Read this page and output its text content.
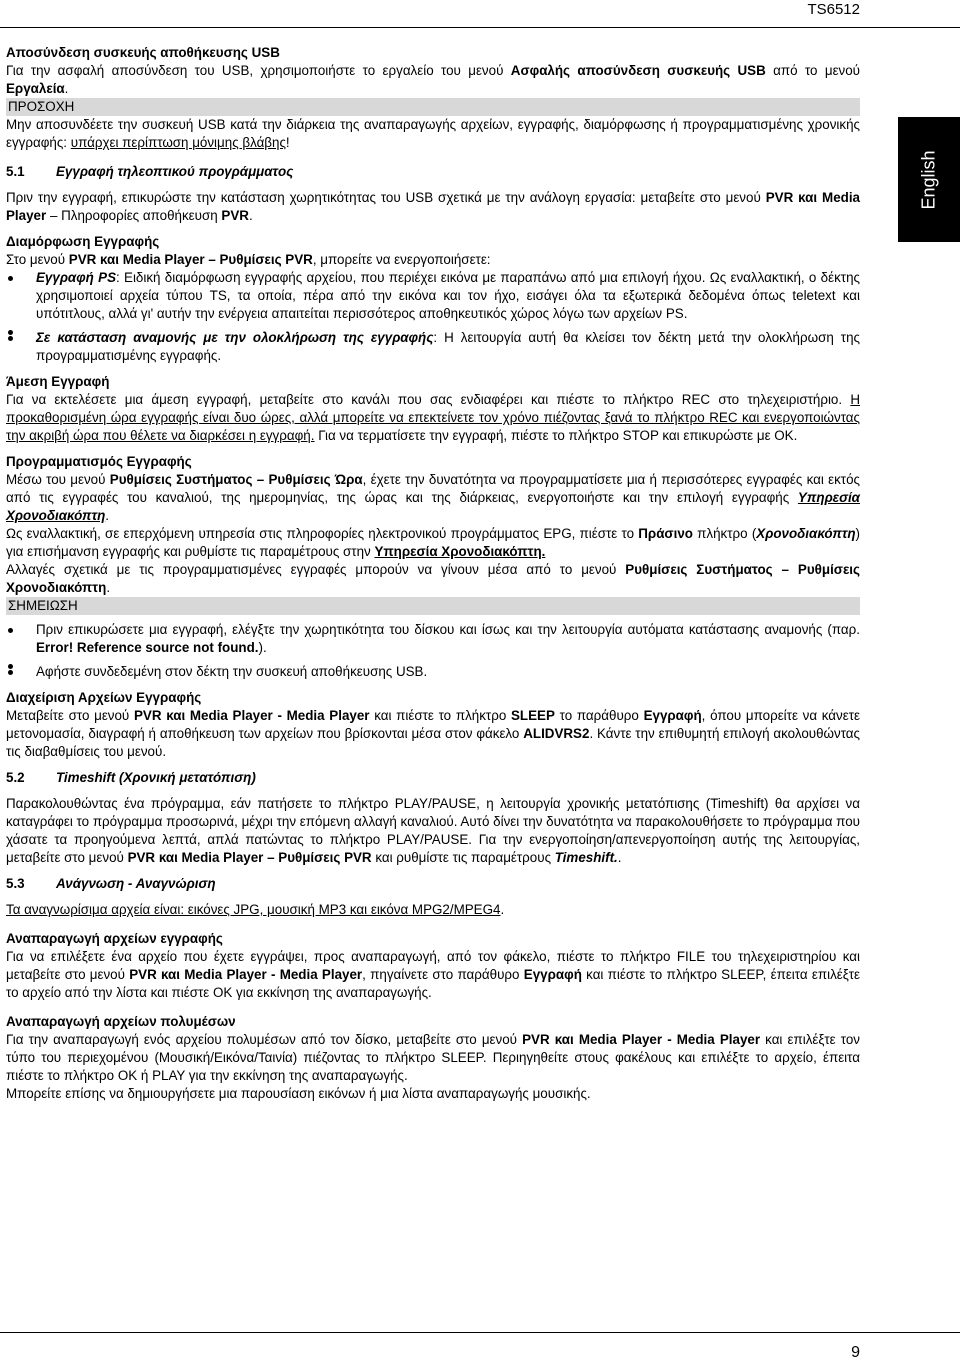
TS6512
English

Αποσύνδεση συσκευής αποθήκευσης USB

Για την ασφαλή αποσύνδεση του USB, χρησιμοποιήστε το εργαλείο του μενού Ασφαλής αποσύνδεση συσκευής USB από το μενού Εργαλεία.

ΠΡΟΣΟΧΗ

Μην αποσυνδέετε την συσκευή USB κατά την διάρκεια της αναπαραγωγής αρχείων, εγγραφής, διαμόρφωσης ή προγραμματισμένης χρονικής εγγραφής: υπάρχει περίπτωση μόνιμης βλάβης!

5.1 Εγγραφή τηλεοπτικού προγράμματος

Πριν την εγγραφή, επικυρώστε την κατάσταση χωρητικότητας του USB σχετικά με την ανάλογη εργασία: μεταβείτε στο μενού PVR και Media Player – Πληροφορίες αποθήκευση PVR.

Διαμόρφωση Εγγραφής

Στο μενού PVR και Media Player – Ρυθμίσεις PVR, μπορείτε να ενεργοποιήσετε:

Εγγραφή PS: Ειδική διαμόρφωση εγγραφής αρχείου, που περιέχει εικόνα με παραπάνω από μια επιλογή ήχου. Ως εναλλακτική, ο δέκτης χρησιμοποιεί αρχεία τύπου TS, τα οποία, πέρα από την εικόνα και τον ήχο, εισάγει όλα τα εξωτερικά δεδομένα όπως teletext και υπότιτλους, αλλά γι' αυτήν την ενέργεια απαιτείται περισσότερος αποθηκευτικός χώρος λόγω των αρχείων PS.
Σε κατάσταση αναμονής με την ολοκλήρωση της εγγραφής: Η λειτουργία αυτή θα κλείσει τον δέκτη μετά την ολοκλήρωση της προγραμματισμένης εγγραφής.

Άμεση Εγγραφή

Για να εκτελέσετε μια άμεση εγγραφή, μεταβείτε στο κανάλι που σας ενδιαφέρει και πιέστε το πλήκτρο REC στο τηλεχειριστήριο. Η προκαθορισμένη ώρα εγγραφής είναι δυο ώρες, αλλά μπορείτε να επεκτείνετε τον χρόνο πιέζοντας ξανά το πλήκτρο REC και ενεργοποιώντας την ακριβή ώρα που θέλετε να διαρκέσει η εγγραφή. Για να τερματίσετε την εγγραφή, πιέστε το πλήκτρο STOP και επικυρώστε με OK.

Προγραμματισμός Εγγραφής

Μέσω του μενού Ρυθμίσεις Συστήματος – Ρυθμίσεις Ώρα, έχετε την δυνατότητα να προγραμματίσετε μια ή περισσότερες εγγραφές και εκτός από τις εγγραφές του καναλιού, της ημερομηνίας, της ώρας και της διάρκειας, ενεργοποιήστε και την επιλογή εγγραφής Υπηρεσία Χρονοδιακόπτη.

Ως εναλλακτική, σε επερχόμενη υπηρεσία στις πληροφορίες ηλεκτρονικού προγράμματος EPG, πιέστε το Πράσινο πλήκτρο (Χρονοδιακόπτη) για επισήμανση εγγραφής και ρυθμίστε τις παραμέτρους στην Υπηρεσία Χρονοδιακόπτη.

Αλλαγές σχετικά με τις προγραμματισμένες εγγραφές μπορούν να γίνουν μέσα από το μενού Ρυθμίσεις Συστήματος – Ρυθμίσεις Χρονοδιακόπτη.

ΣΗΜΕΙΩΣΗ

Πριν επικυρώσετε μια εγγραφή, ελέγξτε την χωρητικότητα του δίσκου και ίσως και την λειτουργία αυτόματα κατάστασης αναμονής (παρ. Error! Reference source not found.).
Αφήστε συνδεδεμένη στον δέκτη την συσκευή αποθήκευσης USB.

Διαχείριση Αρχείων Εγγραφής

Μεταβείτε στο μενού PVR και Media Player - Media Player και πιέστε το πλήκτρο SLEEP το παράθυρο Εγγραφή, όπου μπορείτε να κάνετε μετονομασία, διαγραφή ή αποθήκευση των αρχείων που βρίσκονται μέσα στον φάκελο ALIDVRS2. Κάντε την επιθυμητή επιλογή ακολουθώντας τις διαβαθμίσεις του μενού.

5.2 Timeshift (Χρονική μετατόπιση)

Παρακολουθώντας ένα πρόγραμμα, εάν πατήσετε το πλήκτρο PLAY/PAUSE, η λειτουργία χρονικής μετατόπισης (Timeshift) θα αρχίσει να καταγράφει το πρόγραμμα προσωρινά, μέχρι την επόμενη αλλαγή καναλιού. Αυτό δίνει την δυνατότητα να παρακολουθήσετε το πρόγραμμα που χάσατε τα προηγούμενα λεπτά, απλά πατώντας το πλήκτρο PLAY/PAUSE. Για την ενεργοποίηση/απενεργοποίηση αυτής της λειτουργίας, μεταβείτε στο μενού PVR και Media Player – Ρυθμίσεις PVR και ρυθμίστε τις παραμέτρους Timeshift..

5.3 Ανάγνωση - Αναγνώριση

Τα αναγνωρίσιμα αρχεία είναι: εικόνες JPG, μουσική MP3 και εικόνα MPG2/MPEG4.

Αναπαραγωγή αρχείων εγγραφής

Για να επιλέξετε ένα αρχείο που έχετε εγγράψει, προς αναπαραγωγή, από τον φάκελο, πιέστε το πλήκτρο FILE του τηλεχειριστηρίου και μεταβείτε στο μενού PVR και Media Player - Media Player, πηγαίνετε στο παράθυρο Εγγραφή και πιέστε το πλήκτρο SLEEP, έπειτα επιλέξτε το αρχείο από την λίστα και πιέστε OK για εκκίνηση της αναπαραγωγής.

Αναπαραγωγή αρχείων πολυμέσων

Για την αναπαραγωγή ενός αρχείου πολυμέσων από τον δίσκο, μεταβείτε στο μενού PVR και Media Player - Media Player και επιλέξτε τον τύπο του περιεχομένου (Μουσική/Εικόνα/Ταινία) πιέζοντας το πλήκτρο SLEEP. Περιηγηθείτε στους φακέλους και επιλέξτε το αρχείο, έπειτα πιέστε το πλήκτρο OK ή PLAY για την εκκίνηση της αναπαραγωγής.

Μπορείτε επίσης να δημιουργήσετε μια παρουσίαση εικόνων ή μια λίστα αναπαραγωγής μουσικής.

9
